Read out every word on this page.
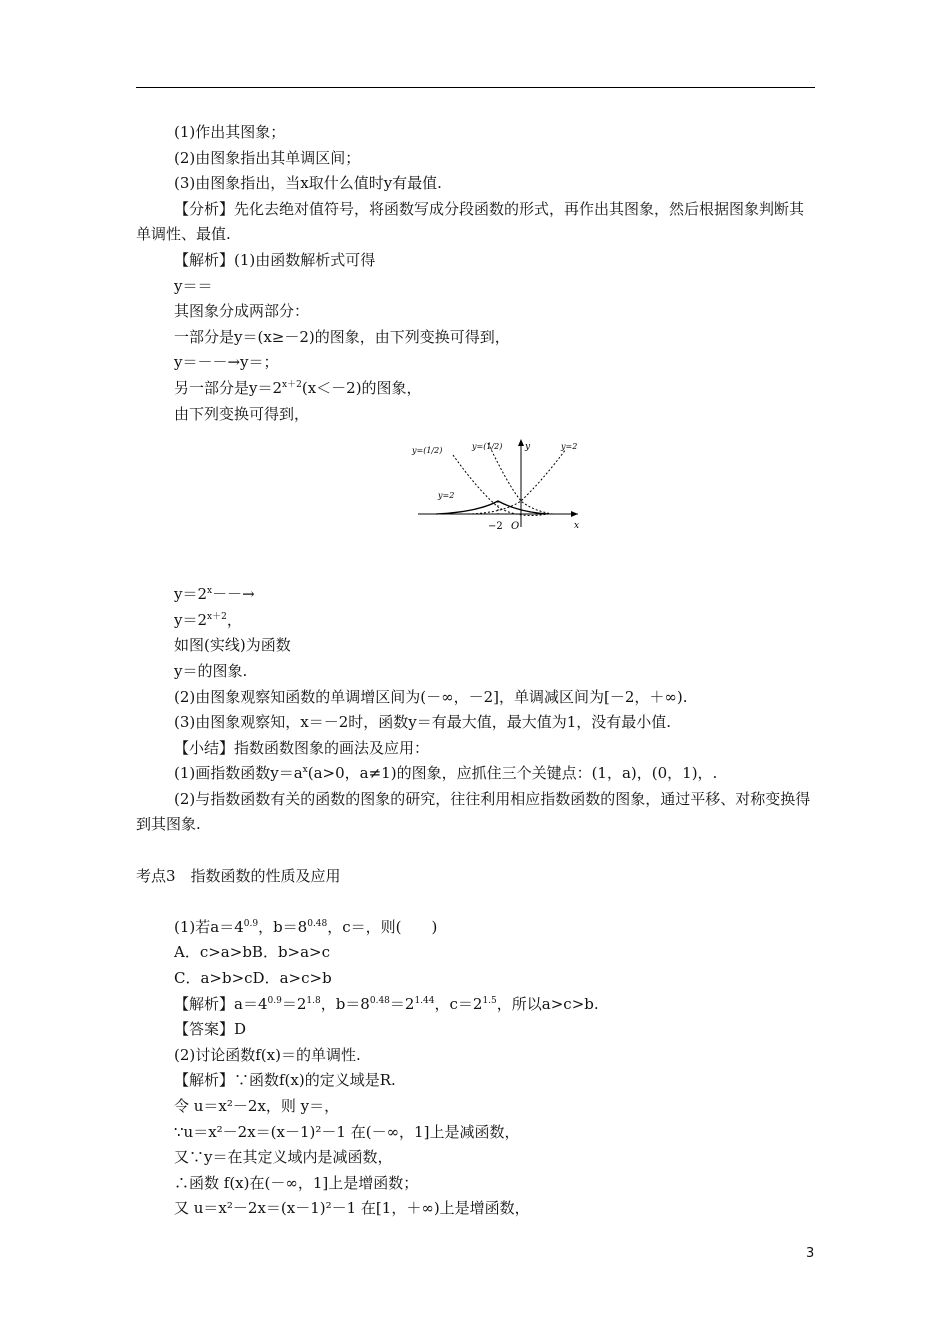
(1)作出其图象；
(2)由图象指出其单调区间；
(3)由图象指出，当x取什么值时y有最值.
【分析】先化去绝对值符号，将函数写成分段函数的形式，再作出其图象，然后根据图象判断其单调性、最值.
【解析】(1)由函数解析式可得
y＝＝
其图象分成两部分：
一部分是y＝(x≥－2)的图象，由下列变换可得到，
y＝－－→y＝；
另一部分是$y=2^{x+2}(x<-2)$的图象，
由下列变换可得到，
y=(1/2)	y=(1/2)	y=2
y=2
y
x
−2 O
$y=2^x--\to$
$y=2^{x+2}$，
如图(实线)为函数
y＝的图象.
(2)由图象观察知函数的单调增区间为(－∞，－2]，单调减区间为[－2，＋∞).
(3)由图象观察知，x＝－2时，函数y＝有最大值，最大值为1，没有最小值.
【小结】指数函数图象的画法及应用：
(1)画指数函数$y=a^x(a>0$，a≠1)的图象，应抓住三个关键点：(1，a)，(0，1)，.
(2)与指数函数有关的函数的图象的研究，往往利用相应指数函数的图象，通过平移、对称变换得到其图象.
考点3　指数函数的性质及应用
(1)若$a=4^{0.9}$，$b=8^{0.48}$，c＝，则(　　)
A．c>a>bB．b>a>c
C．a>b>cD．a>c>b
【解析】$a=4^{0.9}=2^{1.8}$，$b=8^{0.48}=2^{1.44}$，$c=2^{1.5}$，所以a>c>b.
【答案】D
(2)讨论函数f(x)＝的单调性.
【解析】∵函数f(x)的定义域是R.
令 u＝x²－2x，则 y＝，
∵u＝x²－2x＝(x－1)²－1 在(－∞，1]上是减函数，
又∵y＝在其定义域内是减函数，
∴函数 f(x)在(－∞，1]上是增函数；
又 u＝x²－2x＝(x－1)²－1 在[1，＋∞)上是增函数，
3
